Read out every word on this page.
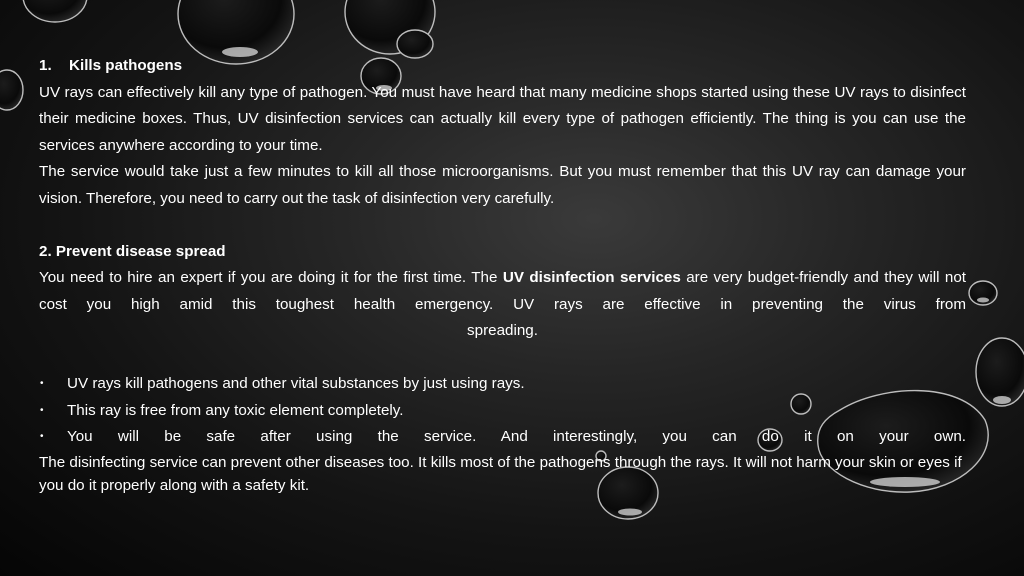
1. Kills pathogens

UV rays can effectively kill any type of pathogen. You must have heard that many medicine shops started using these UV rays to disinfect their medicine boxes. Thus, UV disinfection services can actually kill every type of pathogen efficiently. The thing is you can use the services anywhere according to your time.

The service would take just a few minutes to kill all those microorganisms. But you must remember that this UV ray can damage your vision. Therefore, you need to carry out the task of disinfection very carefully.

2. Prevent disease spread

You need to hire an expert if you are doing it for the first time. The UV disinfection services are very budget-friendly and they will not cost you high amid this toughest health emergency. UV rays are effective in preventing the virus from

spreading.

• UV rays kill pathogens and other vital substances by just using rays.
• This ray is free from any toxic element completely.
• You will be safe after using the service. And interestingly, you can do it on your own.

The disinfecting service can prevent other diseases too. It kills most of the pathogens through the rays. It will not harm your skin or eyes if you do it properly along with a safety kit.
